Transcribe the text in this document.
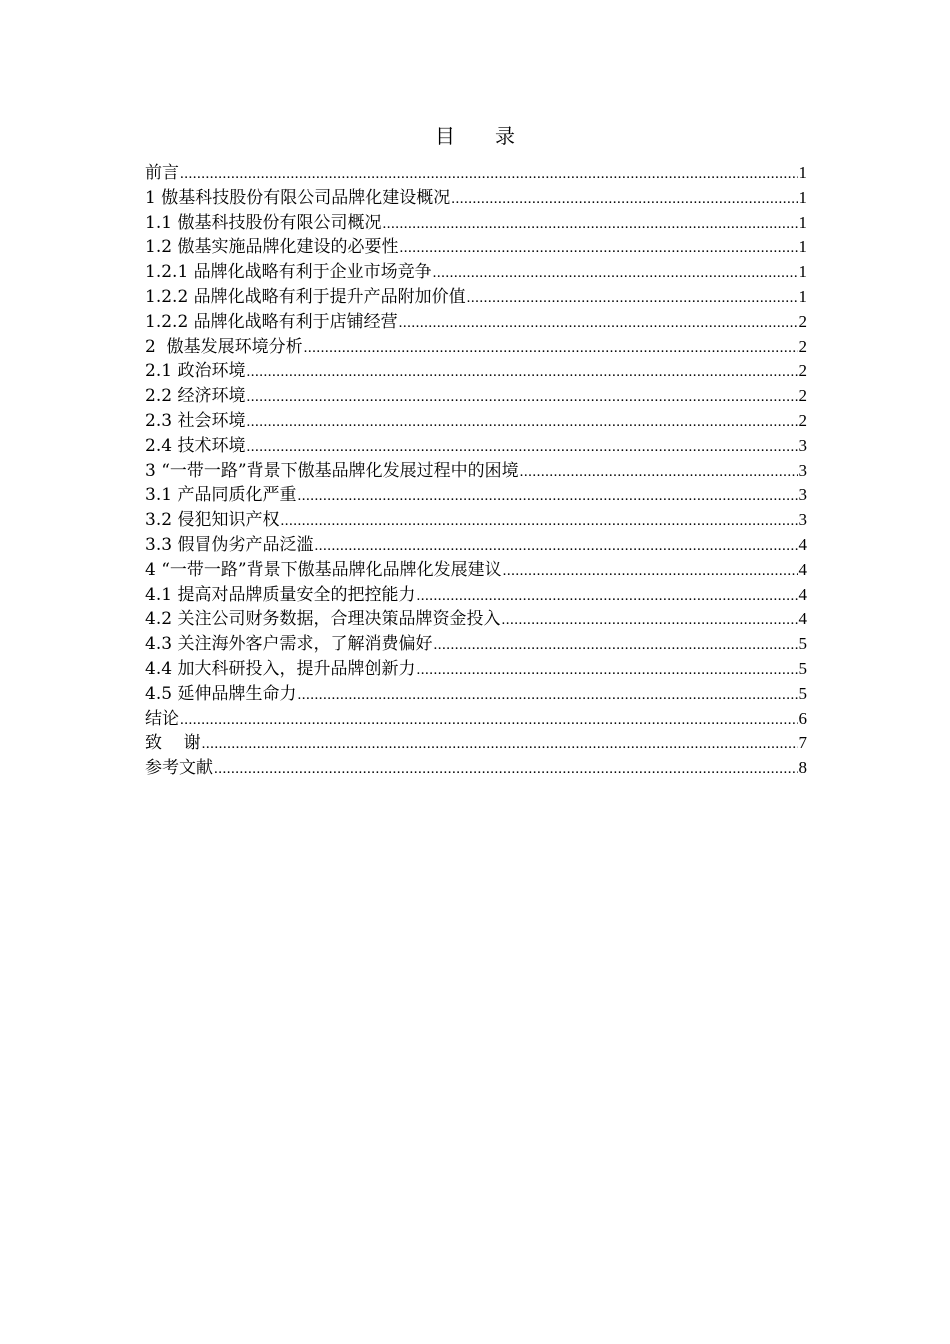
目 录
前言 .....	1
1 傲基科技股份有限公司品牌化建设概况 .....	1
1.1 傲基科技股份有限公司概况 .....	1
1.2 傲基实施品牌化建设的必要性 .....	1
1.2.1 品牌化战略有利于企业市场竞争 .....	1
1.2.2 品牌化战略有利于提升产品附加价值 .....	1
1.2.2 品牌化战略有利于店铺经营 .....	2
2  傲基发展环境分析 .....	2
2.1 政治环境 .....	2
2.2 经济环境 .....	2
2.3 社会环境 .....	2
2.4 技术环境 .....	3
3 “一带一路”背景下傲基品牌化发展过程中的困境 .....	3
3.1 产品同质化严重 .....	3
3.2 侵犯知识产权 .....	3
3.3 假冒伪劣产品泛滥 .....	4
4 “一带一路”背景下傲基品牌化品牌化发展建议 .....	4
4.1 提高对品牌质量安全的把控能力 .....	4
4.2 关注公司财务数据，合理决策品牌资金投入 .....	4
4.3 关注海外客户需求，了解消费偏好 .....	5
4.4 加大科研投入，提升品牌创新力 .....	5
4.5 延伸品牌生命力 .....	5
结论 .....	6
致    谢 .....	7
参考文献 .....	8
